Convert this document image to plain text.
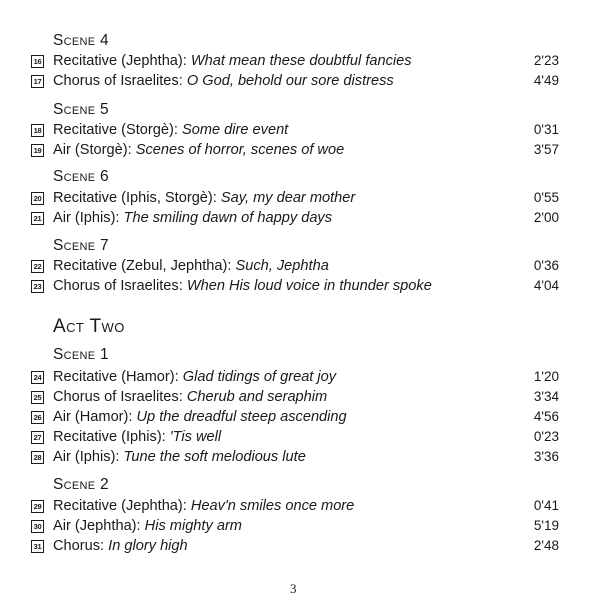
Scene 4
16 Recitative (Jephtha): What mean these doubtful fancies	2'23
17 Chorus of Israelites: O God, behold our sore distress	4'49
Scene 5
18 Recitative (Storgè): Some dire event	0'31
19 Air (Storgè): Scenes of horror, scenes of woe	3'57
Scene 6
20 Recitative (Iphis, Storgè): Say, my dear mother	0'55
21 Air (Iphis): The smiling dawn of happy days	2'00
Scene 7
22 Recitative (Zebul, Jephtha): Such, Jephtha	0'36
23 Chorus of Israelites: When His loud voice in thunder spoke	4'04
Act Two
Scene 1
24 Recitative (Hamor): Glad tidings of great joy	1'20
25 Chorus of Israelites: Cherub and seraphim	3'34
26 Air (Hamor): Up the dreadful steep ascending	4'56
27 Recitative (Iphis): 'Tis well	0'23
28 Air (Iphis): Tune the soft melodious lute	3'36
Scene 2
29 Recitative (Jephtha): Heav'n smiles once more	0'41
30 Air (Jephtha): His mighty arm	5'19
31 Chorus: In glory high	2'48
3
